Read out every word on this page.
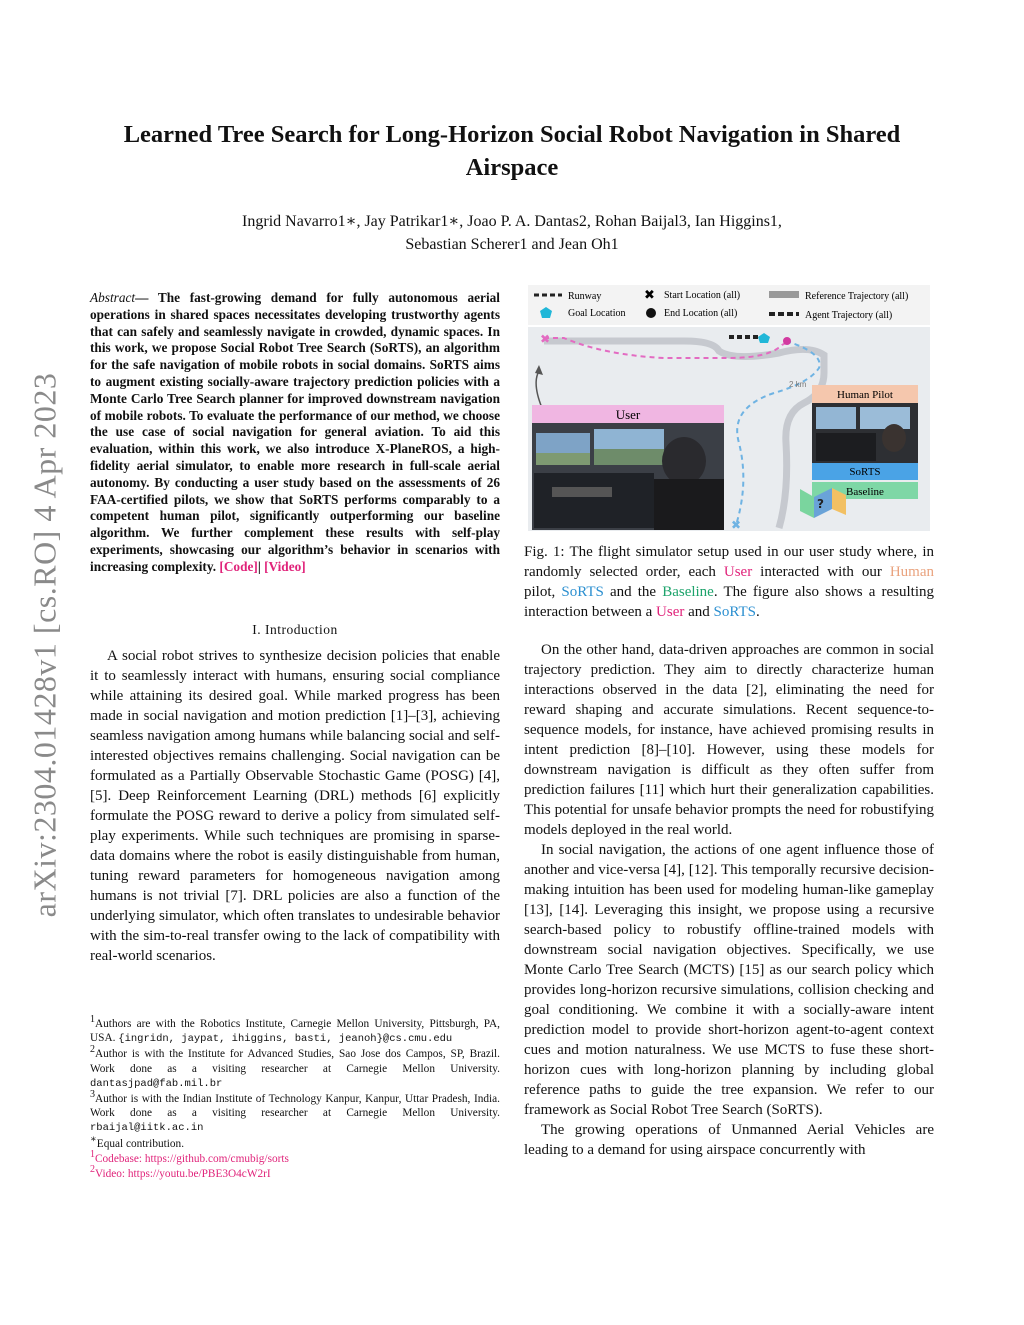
arXiv:2304.01428v1 [cs.RO] 4 Apr 2023
Learned Tree Search for Long-Horizon Social Robot Navigation in Shared Airspace
Ingrid Navarro1∗, Jay Patrikar1∗, Joao P. A. Dantas2, Rohan Baijal3, Ian Higgins1,
Sebastian Scherer1 and Jean Oh1
Abstract— The fast-growing demand for fully autonomous aerial operations in shared spaces necessitates developing trustworthy agents that can safely and seamlessly navigate in crowded, dynamic spaces. In this work, we propose Social Robot Tree Search (SoRTS), an algorithm for the safe navigation of mobile robots in social domains. SoRTS aims to augment existing socially-aware trajectory prediction policies with a Monte Carlo Tree Search planner for improved downstream navigation of mobile robots. To evaluate the performance of our method, we choose the use case of social navigation for general aviation. To aid this evaluation, within this work, we also introduce X-PlaneROS, a high-fidelity aerial simulator, to enable more research in full-scale aerial autonomy. By conducting a user study based on the assessments of 26 FAA-certified pilots, we show that SoRTS performs comparably to a competent human pilot, significantly outperforming our baseline algorithm. We further complement these results with self-play experiments, showcasing our algorithm’s behavior in scenarios with increasing complexity. [Code]| [Video]
I. Introduction

A social robot strives to synthesize decision policies that enable it to seamlessly interact with humans, ensuring social compliance while attaining its desired goal. While marked progress has been made in social navigation and motion prediction [1]–[3], achieving seamless navigation among humans while balancing social and self-interested objectives remains challenging. Social navigation can be formulated as a Partially Observable Stochastic Game (POSG) [4], [5]. Deep Reinforcement Learning (DRL) methods [6] explicitly formulate the POSG reward to derive a policy from simulated self-play experiments. While such techniques are promising in sparse-data domains where the robot is easily distinguishable from human, tuning reward parameters for homogeneous navigation among humans is not trivial [7]. DRL policies are also a function of the underlying simulator, which often translates to undesirable behavior with the sim-to-real transfer owing to the lack of compatibility with real-world scenarios.

1Authors are with the Robotics Institute, Carnegie Mellon University, Pittsburgh, PA, USA. {ingridn, jaypat, ihiggins, basti, jeanoh}@cs.cmu.edu
2Author is with the Institute for Advanced Studies, Sao Jose dos Campos, SP, Brazil. Work done as a visiting researcher at Carnegie Mellon University. dantasjpad@fab.mil.br
3Author is with the Indian Institute of Technology Kanpur, Kanpur, Uttar Pradesh, India. Work done as a visiting researcher at Carnegie Mellon University. rbaijal@iitk.ac.in
∗Equal contribution.
1Codebase: https://github.com/cmubig/sorts
2Video: https://youtu.be/PBE3O4cW2rI
Runway
Goal Location
✖ Start Location (all)
End Location (all)
Reference Trajectory (all)
Agent Trajectory (all)
✖
✖
2 km
User
Human Pilot
SoRTS
Baseline
?
Fig. 1: The flight simulator setup used in our user study where, in randomly selected order, each User interacted with our Human pilot, SoRTS and the Baseline. The figure also shows a resulting interaction between a User and SoRTS.

On the other hand, data-driven approaches are common in social trajectory prediction. They aim to directly characterize human interactions observed in the data [2], eliminating the need for reward shaping and accurate simulations. Recent sequence-to-sequence models, for instance, have achieved promising results in intent prediction [8]–[10]. However, using these models for downstream navigation is difficult as they often suffer from prediction failures [11] which hurt their generalization capabilities. This potential for unsafe behavior prompts the need for robustifying models deployed in the real world.

In social navigation, the actions of one agent influence those of another and vice-versa [4], [12]. This temporally recursive decision-making intuition has been used for modeling human-like gameplay [13], [14]. Leveraging this insight, we propose using a recursive search-based policy to robustify offline-trained models with downstream social navigation objectives. Specifically, we use Monte Carlo Tree Search (MCTS) [15] as our search policy which provides long-horizon recursive simulations, collision checking and goal conditioning. We combine it with a socially-aware intent prediction model to provide short-horizon agent-to-agent context cues and motion naturalness. We use MCTS to fuse these short-horizon cues with long-horizon planning by including global reference paths to guide the tree expansion. We refer to our framework as Social Robot Tree Search (SoRTS).

The growing operations of Unmanned Aerial Vehicles are leading to a demand for using airspace concurrently with
